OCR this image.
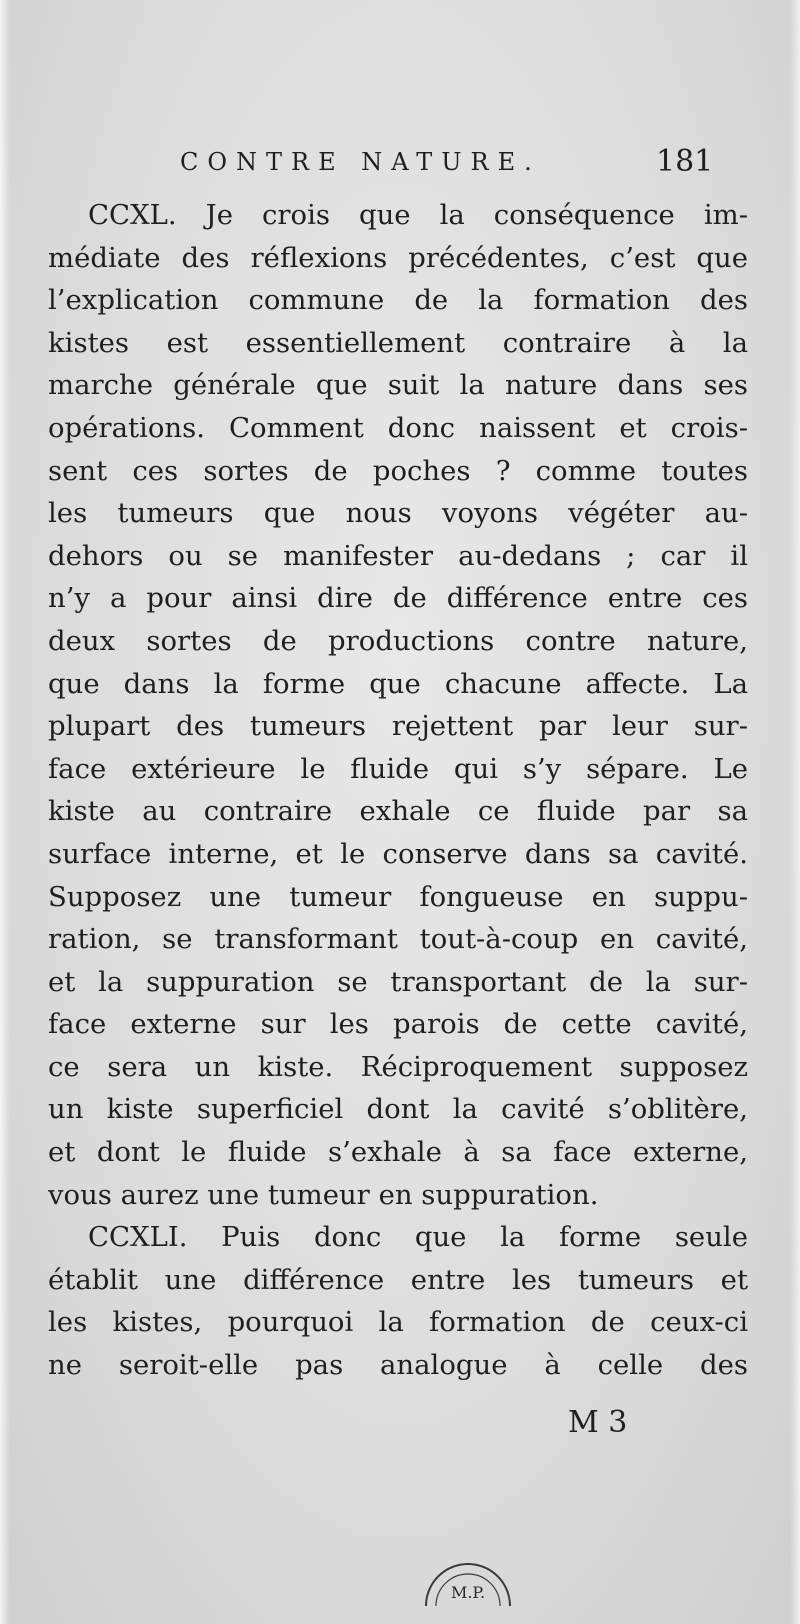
CONTRE NATURE.	181
CCXL. Je crois que la conséquence im-
médiate des réflexions précédentes, c’est que
l’explication commune de la formation des
kistes est essentiellement contraire à la
marche générale que suit la nature dans ses
opérations. Comment donc naissent et crois-
sent ces sortes de poches ? comme toutes
les tumeurs que nous voyons végéter au-
dehors ou se manifester au-dedans ; car il
n’y a pour ainsi dire de différence entre ces
deux sortes de productions contre nature,
que dans la forme que chacune affecte. La
plupart des tumeurs rejettent par leur sur-
face extérieure le fluide qui s’y sépare. Le
kiste au contraire exhale ce fluide par sa
surface interne, et le conserve dans sa cavité.
Supposez une tumeur fongueuse en suppu-
ration, se transformant tout-à-coup en cavité,
et la suppuration se transportant de la sur-
face externe sur les parois de cette cavité,
ce sera un kiste. Réciproquement supposez
un kiste superficiel dont la cavité s’oblitère,
et dont le fluide s’exhale à sa face externe,
vous aurez une tumeur en suppuration.
CCXLI. Puis donc que la forme seule
établit une différence entre les tumeurs et
les kistes, pourquoi la formation de ceux-ci
ne seroit-elle pas analogue à celle des
M 3
M.P.
